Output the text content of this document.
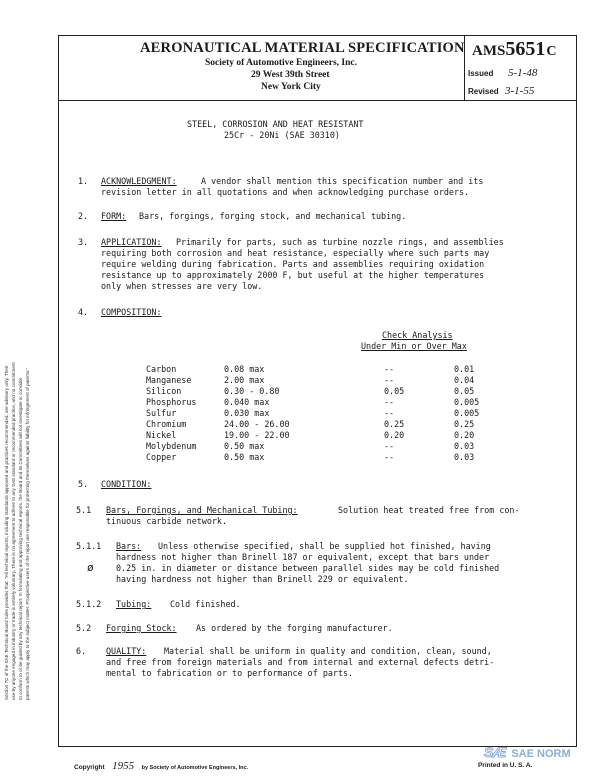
Section 7C of the SAE Technical Board rules provides that: "All technical reports, including standards approved and practices recommended, are advisory only. Their use by anyone engaged in industry or trade is entirely voluntary. There is no agreement to adhere to any SAE standard or recommended practice, and no commitment to conform to or be guided by any technical report. In formulating and approving technical reports, the Board and its Committees will not investigate or consider patents which may apply to the subject matter. Prospective users of the report are responsible for protecting themselves against liability for infringement of patents."
AERONAUTICAL MATERIAL SPECIFICATION
Society of Automotive Engineers, Inc.
29 West 39th Street
New York City
AMS5651C
Issued 5-1-48
Revised 3-1-55
STEEL, CORROSION AND HEAT RESISTANT
25Cr - 20Ni (SAE 30310)
1. ACKNOWLEDGMENT:	A vendor shall mention this specification number and its
revision letter in all quotations and when acknowledging purchase orders.
2. FORM: Bars, forgings, forging stock, and mechanical tubing.
3. APPLICATION: Primarily for parts, such as turbine nozzle rings, and assemblies
requiring both corrosion and heat resistance, especially where such parts may
require welding during fabrication. Parts and assemblies requiring oxidation
resistance up to approximately 2000 F, but useful at the higher temperatures
only when stresses are very low.
4. COMPOSITION:
Check Analysis
Under Min or Over Max
Carbon	0.08 max	--	0.01
Manganese	2.00 max	--	0.04
Silicon	0.30 - 0.80	0.05	0.05
Phosphorus	0.040 max	--	0.005
Sulfur	0.030 max	--	0.005
Chromium	24.00 - 26.00	0.25	0.25
Nickel	19.00 - 22.00	0.20	0.20
Molybdenum	0.50 max	--	0.03
Copper	0.50 max	--	0.03
5. CONDITION:
5.1 Bars, Forgings, and Mechanical Tubing:	Solution heat treated free from con-
tinuous carbide network.
5.1.1 Bars: Unless otherwise specified, shall be supplied hot finished, having
hardness not higher than Brinell 187 or equivalent, except that bars under
ø	0.25 in. in diameter or distance between parallel sides may be cold finished
having hardness not higher than Brinell 229 or equivalent.
5.1.2 Tubing: Cold finished.
5.2 Forging Stock: As ordered by the forging manufacturer.
6. QUALITY: Material shall be uniform in quality and condition, clean, sound,
and free from foreign materials and from internal and external defects detri-
mental to fabrication or to performance of parts.
Copyright 1955 by Society of Automotive Engineers, Inc.	Printed in U. S. A.
SÆ SAE NORM
